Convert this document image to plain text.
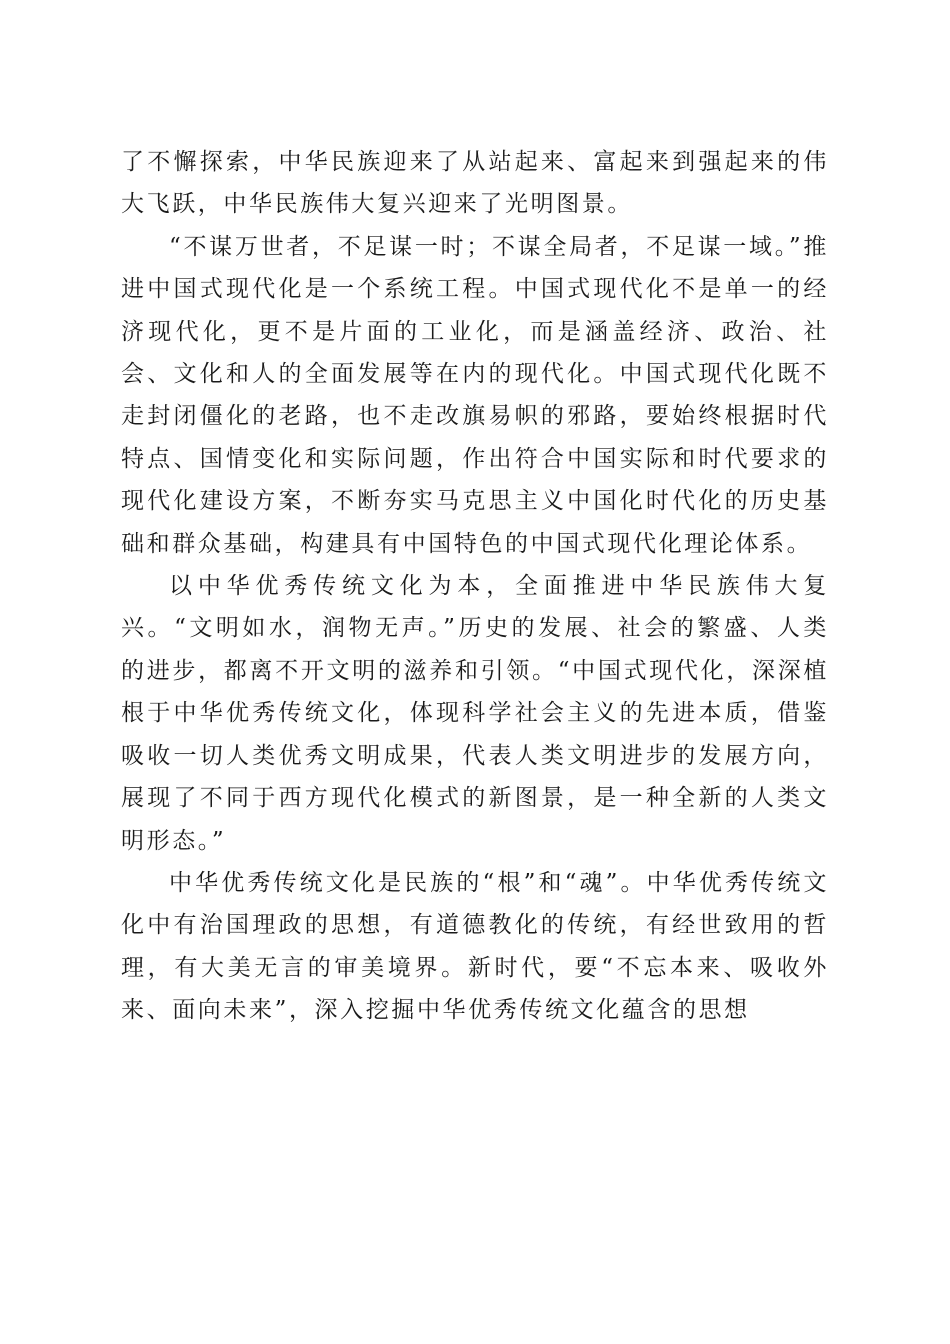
了不懈探索，中华民族迎来了从站起来、富起来到强起来的伟大飞跃，中华民族伟大复兴迎来了光明图景。

“不谋万世者，不足谋一时；不谋全局者，不足谋一域。”推进中国式现代化是一个系统工程。中国式现代化不是单一的经济现代化，更不是片面的工业化，而是涵盖经济、政治、社会、文化和人的全面发展等在内的现代化。中国式现代化既不走封闭僵化的老路，也不走改旗易帜的邪路，要始终根据时代特点、国情变化和实际问题，作出符合中国实际和时代要求的现代化建设方案，不断夯实马克思主义中国化时代化的历史基础和群众基础，构建具有中国特色的中国式现代化理论体系。

以中华优秀传统文化为本，全面推进中华民族伟大复兴。“文明如水，润物无声。”历史的发展、社会的繁盛、人类的进步，都离不开文明的滋养和引领。“中国式现代化，深深植根于中华优秀传统文化，体现科学社会主义的先进本质，借鉴吸收一切人类优秀文明成果，代表人类文明进步的发展方向，展现了不同于西方现代化模式的新图景，是一种全新的人类文明形态。”

中华优秀传统文化是民族的“根”和“魂”。中华优秀传统文化中有治国理政的思想，有道德教化的传统，有经世致用的哲理，有大美无言的审美境界。新时代，要“不忘本来、吸收外来、面向未来”，深入挖掘中华优秀传统文化蕴含的思想
